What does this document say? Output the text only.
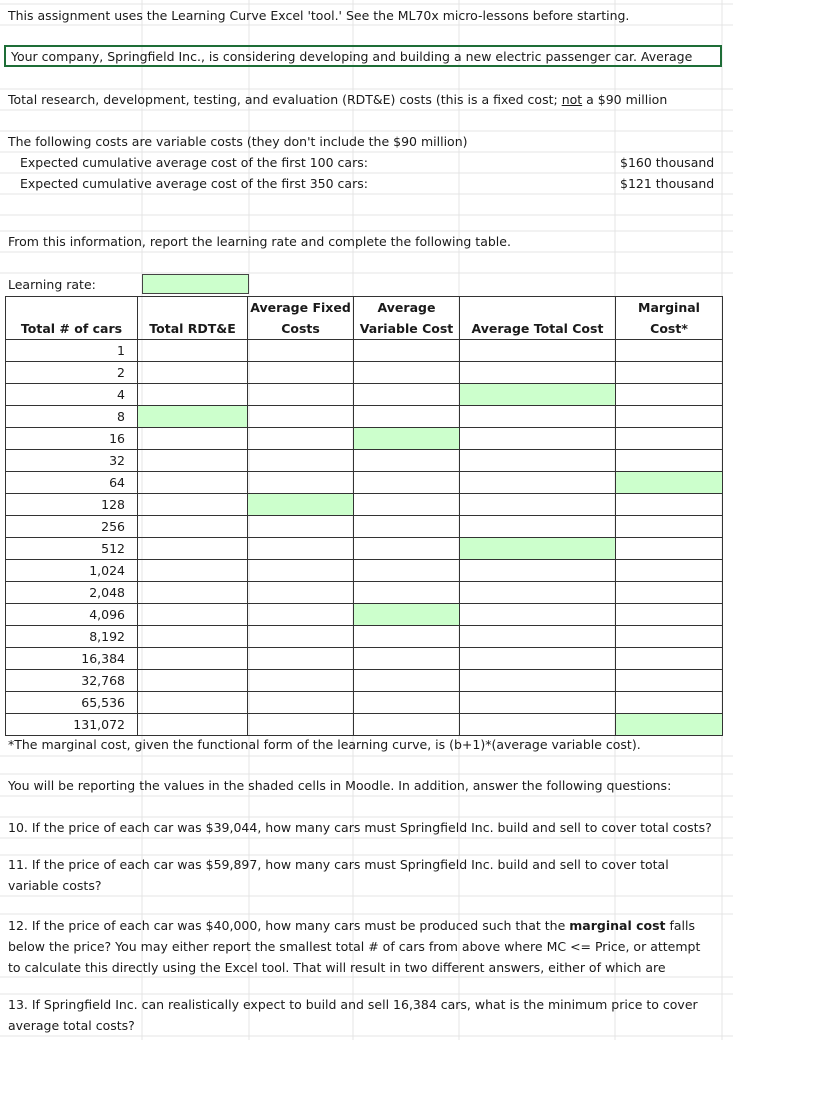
This assignment uses the Learning Curve Excel 'tool.' See the ML70x micro-lessons before starting.
Your company, Springfield Inc., is considering developing and building a new electric passenger car. Average
Total research, development, testing, and evaluation (RDT&E) costs (this is a fixed cost; not a $90 million
The following costs are variable costs (they don't include the $90 million)
Expected cumulative average cost of the first 100 cars:	$160 thousand
Expected cumulative average cost of the first 350 cars:	$121 thousand
From this information, report the learning rate and complete the following table.
Learning rate:
		Average Fixed	Average		Marginal
Total # of cars	Total RDT&E	Costs	Variable Cost	Average Total Cost	Cost*
1					
2					
4					
8					
16					
32					
64					
128					
256					
512					
1,024					
2,048					
4,096					
8,192					
16,384					
32,768					
65,536					
131,072					
*The marginal cost, given the functional form of the learning curve, is (b+1)*(average variable cost).
You will be reporting the values in the shaded cells in Moodle. In addition, answer the following questions:
10. If the price of each car was $39,044, how many cars must Springfield Inc. build and sell to cover total costs?
11. If the price of each car was $59,897, how many cars must Springfield Inc. build and sell to cover total
variable costs?
12. If the price of each car was $40,000, how many cars must be produced such that the marginal cost falls
below the price? You may either report the smallest total # of cars from above where MC <= Price, or attempt
to calculate this directly using the Excel tool. That will result in two different answers, either of which are
13. If Springfield Inc. can realistically expect to build and sell 16,384 cars, what is the minimum price to cover
average total costs?
